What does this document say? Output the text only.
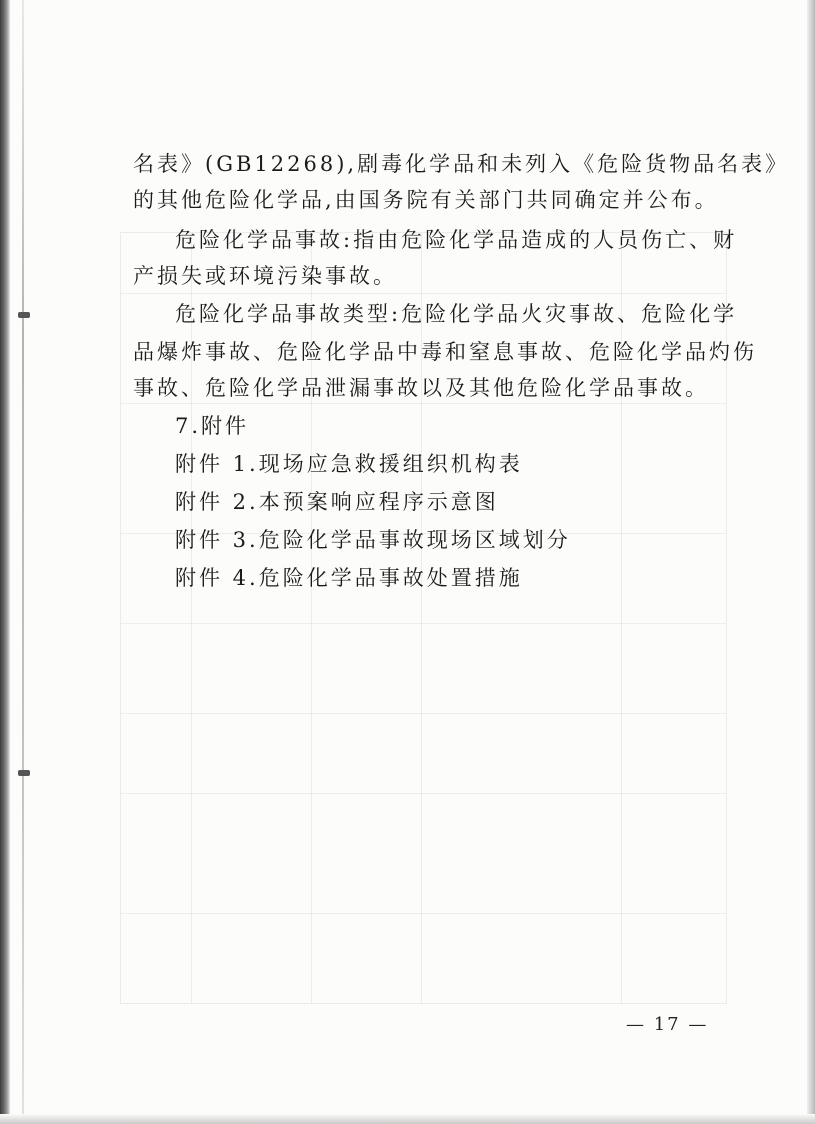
名表》(GB12268),剧毒化学品和未列入《危险货物品名表》
的其他危险化学品,由国务院有关部门共同确定并公布。
危险化学品事故:指由危险化学品造成的人员伤亡、财
产损失或环境污染事故。
危险化学品事故类型:危险化学品火灾事故、危险化学
品爆炸事故、危险化学品中毒和窒息事故、危险化学品灼伤
事故、危险化学品泄漏事故以及其他危险化学品事故。
7.附件
附件 1.现场应急救援组织机构表
附件 2.本预案响应程序示意图
附件 3.危险化学品事故现场区域划分
附件 4.危险化学品事故处置措施
— 17 —
